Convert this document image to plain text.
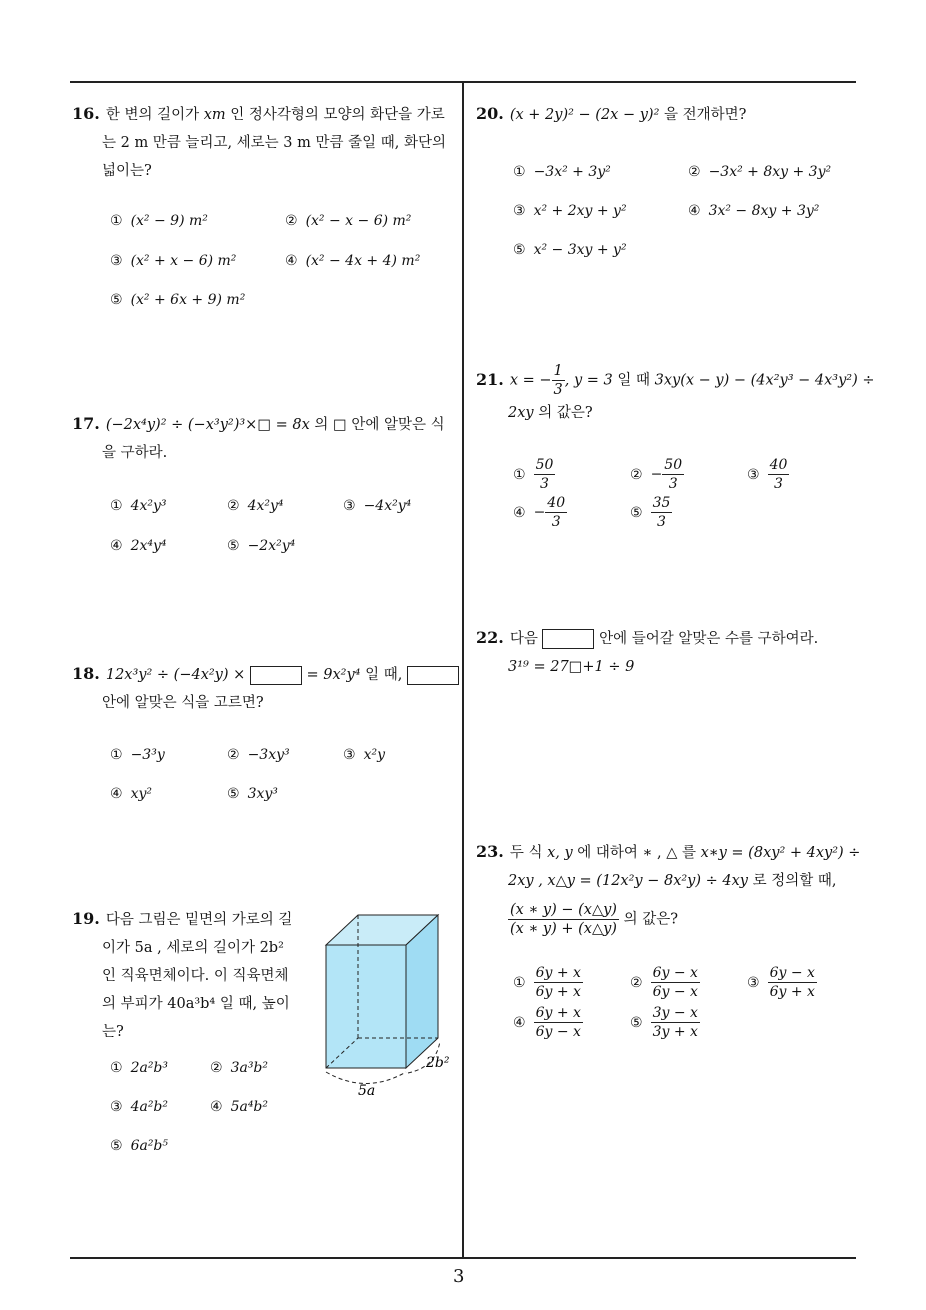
3
16. 한 변의 길이가 xm 인 정사각형의 모양의 화단을 가로
는 2 m 만큼 늘리고, 세로는 3 m 만큼 줄일 때, 화단의
넓이는?
① (x² − 9) m²	② (x² − x − 6) m²
③ (x² + x − 6) m²	④ (x² − 4x + 4) m²
⑤ (x² + 6x + 9) m²
17. (−2x⁴y)² ÷ (−x³y²)³×□ = 8x 의 □ 안에 알맞은 식
을 구하라.
① 4x²y³	② 4x²y⁴	③ −4x²y⁴
④ 2x⁴y⁴	⑤ −2x²y⁴
18. 12x³y² ÷ (−4x²y) ×	= 9x²y⁴ 일 때,
안에 알맞은 식을 고르면?
① −3³y	② −3xy³	③ x²y
④ xy²	⑤ 3xy³
19. 다음 그림은 밑면의 가로의 길
이가 5a , 세로의 길이가 2b²
인 직육면체이다. 이 직육면체
의 부피가 40a³b⁴ 일 때, 높이
는?
5a
2b²
① 2a²b³	② 3a³b²
③ 4a²b²	④ 5a⁴b²
⑤ 6a²b⁵
20. (x + 2y)² − (2x − y)² 을 전개하면?
① −3x² + 3y²	② −3x² + 8xy + 3y²
③ x² + 2xy + y²	④ 3x² − 8xy + 3y²
⑤ x² − 3xy + y²
21. x = − $\frac{1}{3}$ , y = 3 일 때 3xy(x − y) − (4x²y³ − 4x³y²) ÷
2xy 의 값은?
① $\frac{50}{3}$	② − $\frac{50}{3}$	③ $\frac{40}{3}$
④ − $\frac{40}{3}$	⑤ $\frac{35}{3}$
22. 다음	안에 들어갈 알맞은 수를 구하여라.
3¹⁹ = 27□+1 ÷ 9
23. 두 식 x, y 에 대하여 ∗ , △ 를 x∗y = (8xy² + 4xy²) ÷
2xy , x△y = (12x²y − 8x²y) ÷ 4xy 로 정의할 때,
$\frac{(x ∗ y) - (x\triangle y)}{(x ∗ y) + (x\triangle y)}$ 의 값은?
① $\frac{6y + x}{6y + x}$	② $\frac{6y - x}{6y - x}$	③ $\frac{6y - x}{6y + x}$
④ $\frac{6y + x}{6y - x}$	⑤ $\frac{3y - x}{3y + x}$
